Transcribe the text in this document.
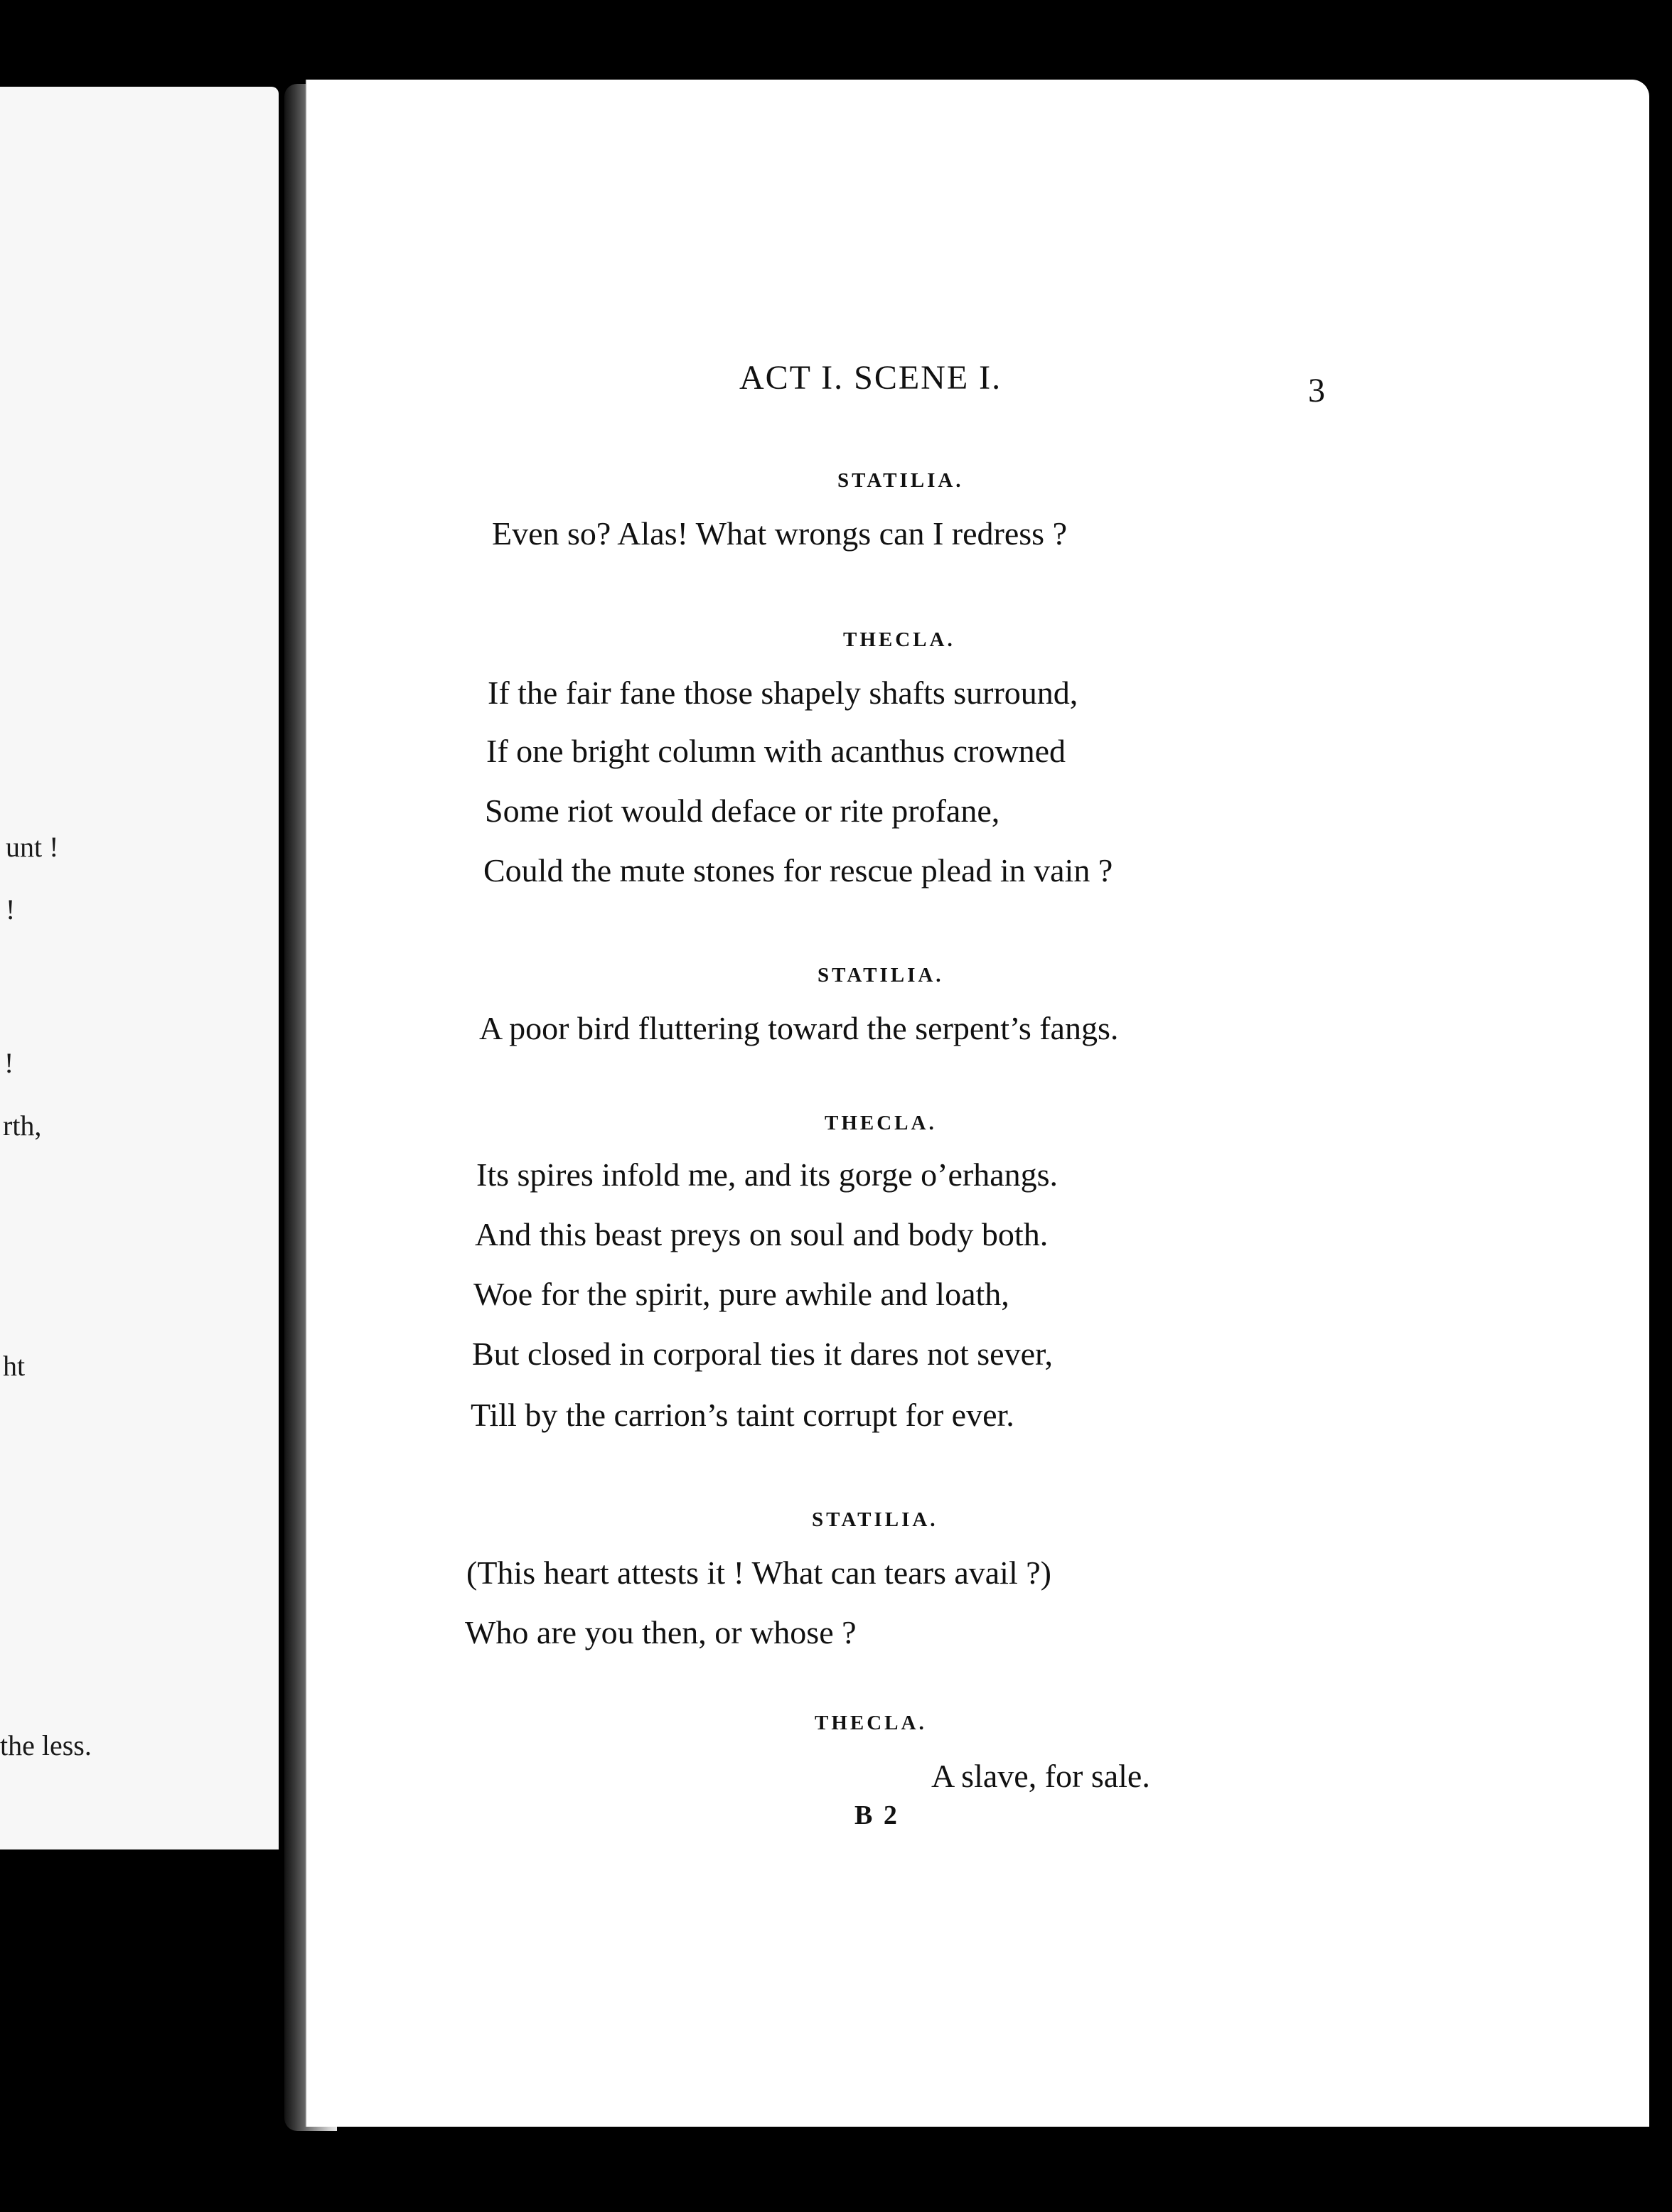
unt !
!
!
rth,
ht
the less.
ACT I. SCENE I.	3
STATILIA.
Even so? Alas! What wrongs can I redress ?
THECLA.
If the fair fane those shapely shafts surround,
If one bright column with acanthus crowned
Some riot would deface or rite profane,
Could the mute stones for rescue plead in vain ?
STATILIA.
A poor bird fluttering toward the serpent’s fangs.
THECLA.
Its spires infold me, and its gorge o’erhangs.
And this beast preys on soul and body both.
Woe for the spirit, pure awhile and loath,
But closed in corporal ties it dares not sever,
Till by the carrion’s taint corrupt for ever.
STATILIA.
(This heart attests it ! What can tears avail ?)
Who are you then, or whose ?
THECLA.
A slave, for sale.
B 2
